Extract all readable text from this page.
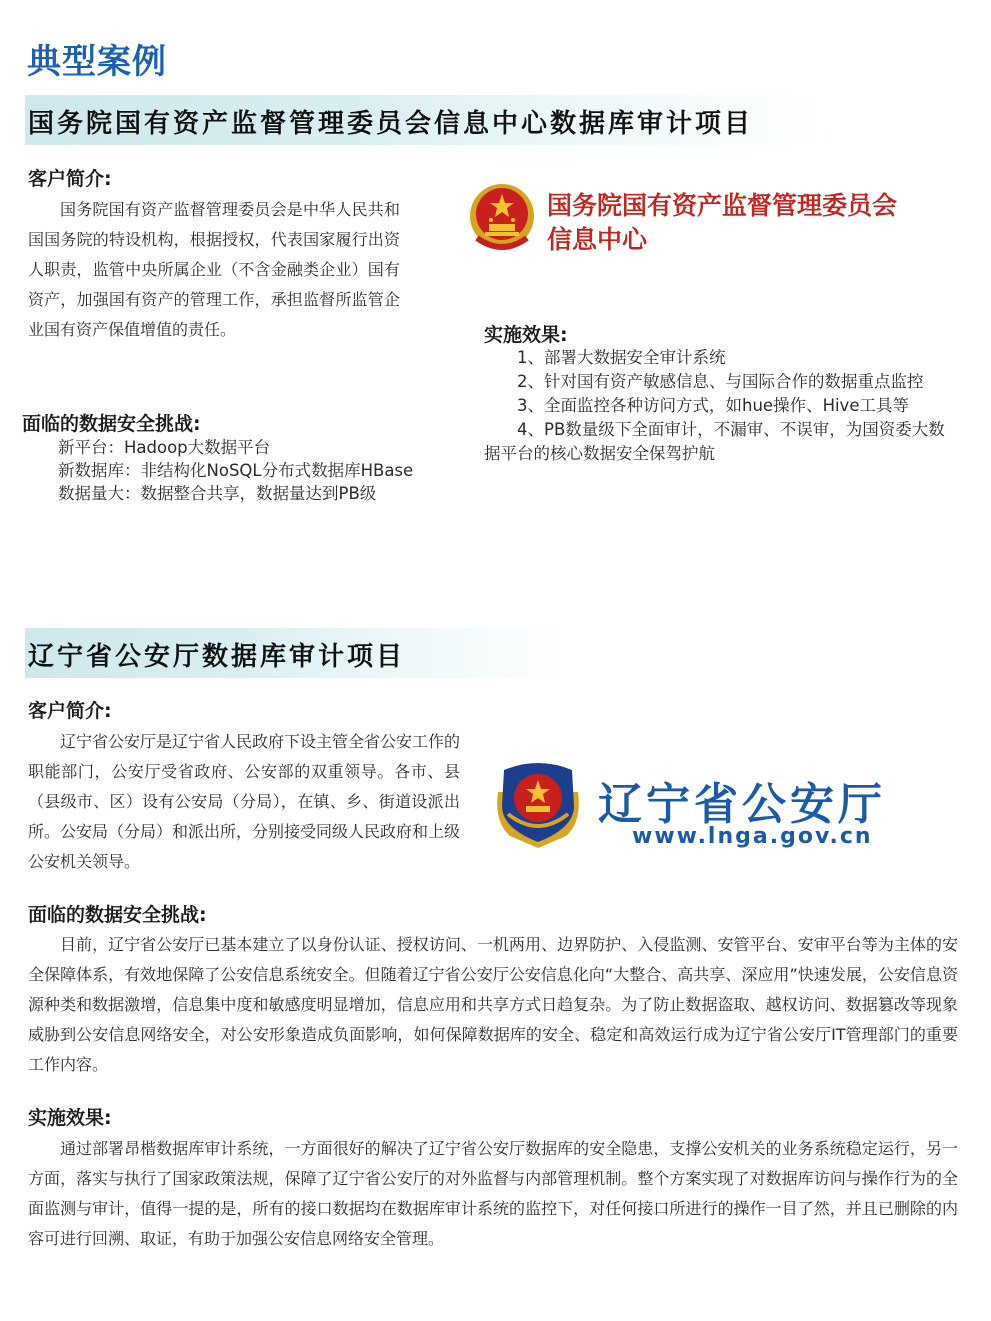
典型案例
国务院国有资产监督管理委员会信息中心数据库审计项目
客户简介:
国务院国有资产监督管理委员会是中华人民共和国国务院的特设机构，根据授权，代表国家履行出资人职责，监管中央所属企业（不含金融类企业）国有资产，加强国有资产的管理工作，承担监督所监管企业国有资产保值增值的责任。
国务院国有资产监督管理委员会
信息中心
实施效果:
1、部署大数据安全审计系统
2、针对国有资产敏感信息、与国际合作的数据重点监控
3、全面监控各种访问方式，如hue操作、Hive工具等
4、PB数量级下全面审计，不漏审、不误审，为国资委大数据平台的核心数据安全保驾护航
面临的数据安全挑战:
新平台：Hadoop大数据平台
新数据库：非结构化NoSQL分布式数据库HBase
数据量大：数据整合共享，数据量达到PB级
辽宁省公安厅数据库审计项目
客户简介:
辽宁省公安厅是辽宁省人民政府下设主管全省公安工作的职能部门，公安厅受省政府、公安部的双重领导。各市、县（县级市、区）设有公安局（分局），在镇、乡、街道设派出所。公安局（分局）和派出所，分别接受同级人民政府和上级公安机关领导。
辽宁省公安厅
www.lnga.gov.cn
面临的数据安全挑战:
目前，辽宁省公安厅已基本建立了以身份认证、授权访问、一机两用、边界防护、入侵监测、安管平台、安审平台等为主体的安全保障体系，有效地保障了公安信息系统安全。但随着辽宁省公安厅公安信息化向“大整合、高共享、深应用”快速发展，公安信息资源种类和数据激增，信息集中度和敏感度明显增加，信息应用和共享方式日趋复杂。为了防止数据盗取、越权访问、数据篡改等现象威胁到公安信息网络安全，对公安形象造成负面影响，如何保障数据库的安全、稳定和高效运行成为辽宁省公安厅IT管理部门的重要工作内容。
实施效果:
通过部署昂楷数据库审计系统，一方面很好的解决了辽宁省公安厅数据库的安全隐患，支撑公安机关的业务系统稳定运行，另一方面，落实与执行了国家政策法规，保障了辽宁省公安厅的对外监督与内部管理机制。整个方案实现了对数据库访问与操作行为的全面监测与审计，值得一提的是，所有的接口数据均在数据库审计系统的监控下，对任何接口所进行的操作一目了然，并且已删除的内容可进行回溯、取证，有助于加强公安信息网络安全管理。
